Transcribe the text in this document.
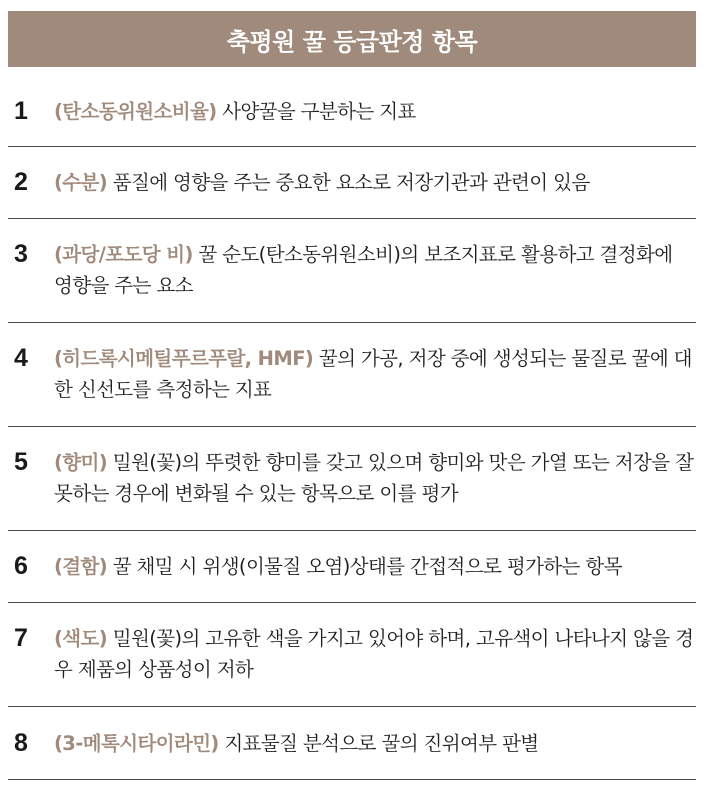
축평원 꿀 등급판정 항목
1	(탄소동위원소비율) 사양꿀을 구분하는 지표
2	(수분) 품질에 영향을 주는 중요한 요소로 저장기관과 관련이 있음
3	(과당/포도당 비) 꿀 순도(탄소동위원소비)의 보조지표로 활용하고 결정화에 영향을 주는 요소
4	(히드록시메틸푸르푸랄, HMF) 꿀의 가공, 저장 중에 생성되는 물질로 꿀에 대한 신선도를 측정하는 지표
5	(향미) 밀원(꽃)의 뚜렷한 향미를 갖고 있으며 향미와 맛은 가열 또는 저장을 잘못하는 경우에 변화될 수 있는 항목으로 이를 평가
6	(결함) 꿀 채밀 시 위생(이물질 오염)상태를 간접적으로 평가하는 항목
7	(색도) 밀원(꽃)의 고유한 색을 가지고 있어야 하며, 고유색이 나타나지 않을 경우 제품의 상품성이 저하
8	(3-메톡시타이라민) 지표물질 분석으로 꿀의 진위여부 판별
